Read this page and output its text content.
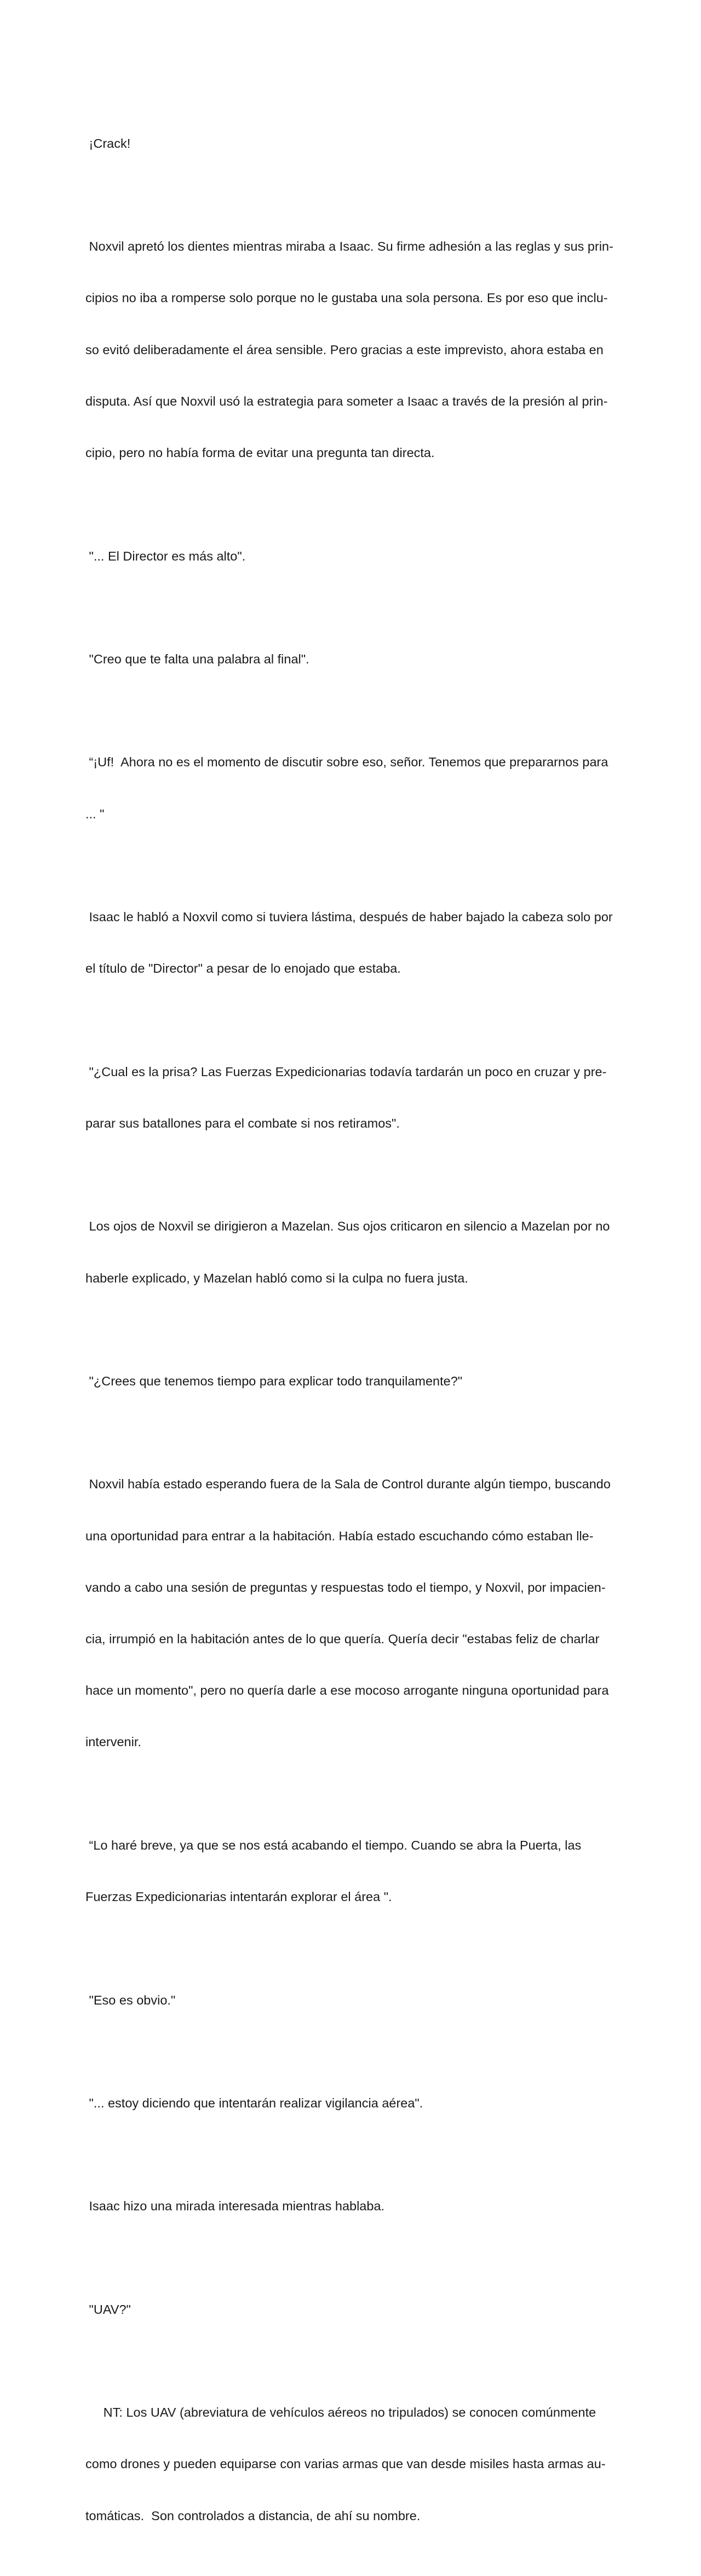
¡Crack!

Noxvil apretó los dientes mientras miraba a Isaac. Su firme adhesión a las reglas y sus prin-

cipios no iba a romperse solo porque no le gustaba una sola persona. Es por eso que inclu-

so evitó deliberadamente el área sensible. Pero gracias a este imprevisto, ahora estaba en

disputa. Así que Noxvil usó la estrategia para someter a Isaac a través de la presión al prin-

cipio, pero no había forma de evitar una pregunta tan directa.

"... El Director es más alto".

"Creo que te falta una palabra al final".

“¡Uf!  Ahora no es el momento de discutir sobre eso, señor. Tenemos que prepararnos para

... "

Isaac le habló a Noxvil como si tuviera lástima, después de haber bajado la cabeza solo por

el título de "Director" a pesar de lo enojado que estaba.

"¿Cual es la prisa? Las Fuerzas Expedicionarias todavía tardarán un poco en cruzar y pre-

parar sus batallones para el combate si nos retiramos".

Los ojos de Noxvil se dirigieron a Mazelan. Sus ojos criticaron en silencio a Mazelan por no

haberle explicado, y Mazelan habló como si la culpa no fuera justa.

"¿Crees que tenemos tiempo para explicar todo tranquilamente?"

Noxvil había estado esperando fuera de la Sala de Control durante algún tiempo, buscando

una oportunidad para entrar a la habitación. Había estado escuchando cómo estaban lle-

vando a cabo una sesión de preguntas y respuestas todo el tiempo, y Noxvil, por impacien-

cia, irrumpió en la habitación antes de lo que quería. Quería decir "estabas feliz de charlar

hace un momento", pero no quería darle a ese mocoso arrogante ninguna oportunidad para

intervenir.

“Lo haré breve, ya que se nos está acabando el tiempo. Cuando se abra la Puerta, las

Fuerzas Expedicionarias intentarán explorar el área ".

"Eso es obvio."

"... estoy diciendo que intentarán realizar vigilancia aérea".

Isaac hizo una mirada interesada mientras hablaba.

"UAV?"

NT: Los UAV (abreviatura de vehículos aéreos no tripulados) se conocen comúnmente

como drones y pueden equiparse con varias armas que van desde misiles hasta armas au-

tomáticas.  Son controlados a distancia, de ahí su nombre.
